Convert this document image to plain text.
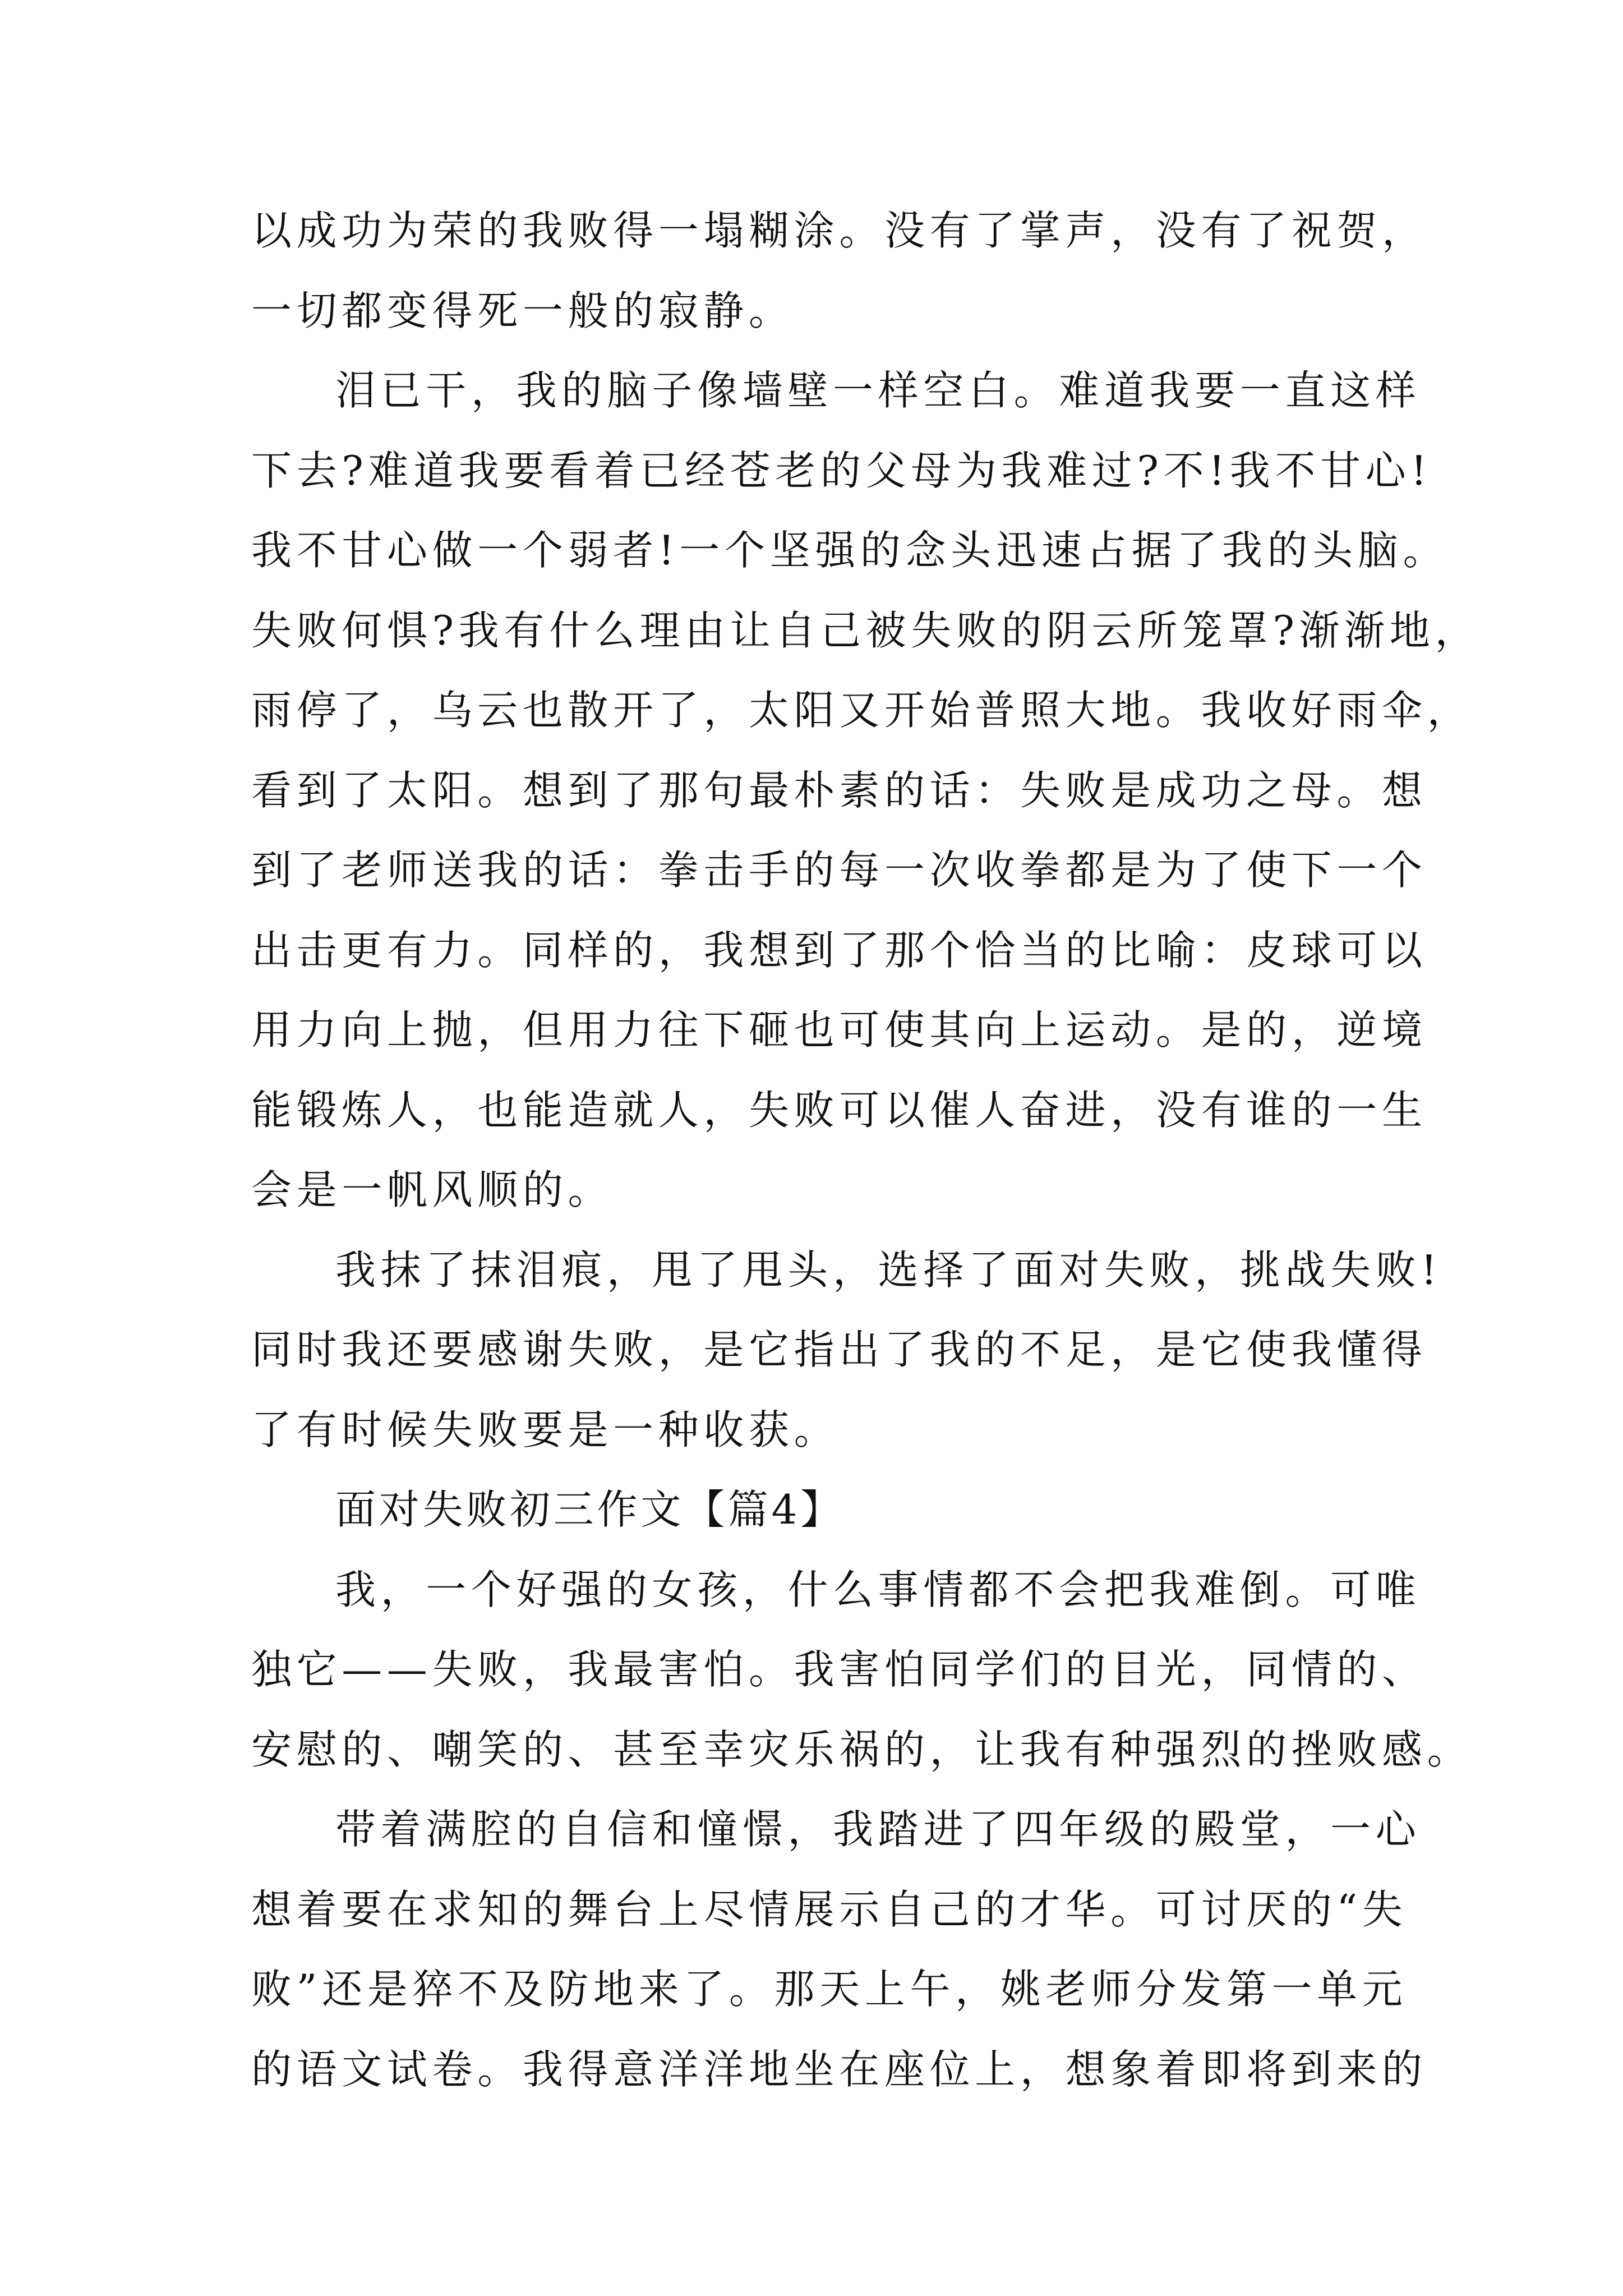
以成功为荣的我败得一塌糊涂。没有了掌声，没有了祝贺，
一切都变得死一般的寂静。
泪已干，我的脑子像墙壁一样空白。难道我要一直这样
下去?难道我要看着已经苍老的父母为我难过?不!我不甘心!
我不甘心做一个弱者!一个坚强的念头迅速占据了我的头脑。
失败何惧?我有什么理由让自己被失败的阴云所笼罩?渐渐地，
雨停了，乌云也散开了，太阳又开始普照大地。我收好雨伞，
看到了太阳。想到了那句最朴素的话：失败是成功之母。想
到了老师送我的话：拳击手的每一次收拳都是为了使下一个
出击更有力。同样的，我想到了那个恰当的比喻：皮球可以
用力向上抛，但用力往下砸也可使其向上运动。是的，逆境
能锻炼人，也能造就人，失败可以催人奋进，没有谁的一生
会是一帆风顺的。
我抹了抹泪痕，甩了甩头，选择了面对失败，挑战失败!
同时我还要感谢失败，是它指出了我的不足，是它使我懂得
了有时候失败要是一种收获。
面对失败初三作文【篇4】
我，一个好强的女孩，什么事情都不会把我难倒。可唯
独它——失败，我最害怕。我害怕同学们的目光，同情的、
安慰的、嘲笑的、甚至幸灾乐祸的，让我有种强烈的挫败感。
带着满腔的自信和憧憬，我踏进了四年级的殿堂，一心
想着要在求知的舞台上尽情展示自己的才华。可讨厌的“失
败”还是猝不及防地来了。那天上午，姚老师分发第一单元
的语文试卷。我得意洋洋地坐在座位上，想象着即将到来的
